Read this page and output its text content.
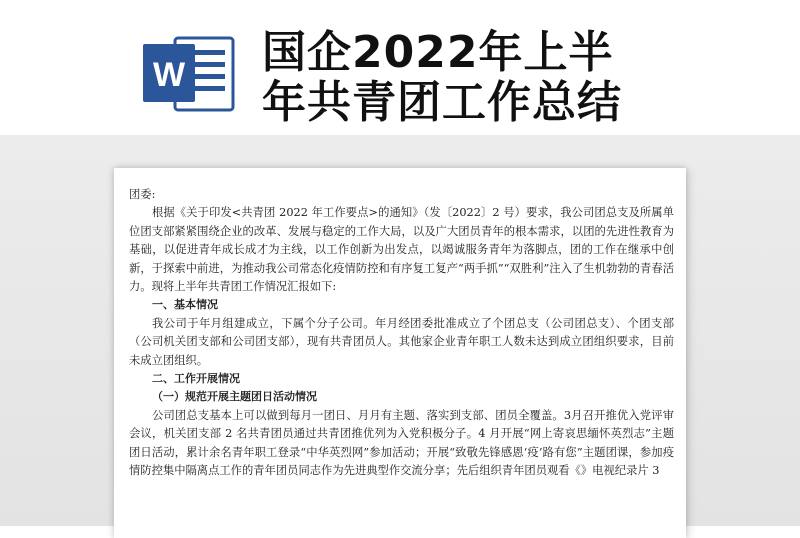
W 国企2022年上半
年共青团工作总结

团委:

根据《关于印发<共青团 2022 年工作要点>的通知》（发〔2022〕2 号）要求，我公司团总支及所属单位团支部紧紧围绕企业的改革、发展与稳定的工作大局，以及广大团员青年的根本需求，以团的先进性教育为基础，以促进青年成长成才为主线，以工作创新为出发点，以竭诚服务青年为落脚点，团的工作在继承中创新，于探索中前进，为推动我公司常态化疫情防控和有序复工复产“两手抓”“双胜利”注入了生机勃勃的青春活力。现将上半年共青团工作情况汇报如下:

一、基本情况

我公司于年月组建成立，下属个分子公司。年月经团委批准成立了个团总支（公司团总支）、个团支部（公司机关团支部和公司团支部），现有共青团员人。其他家企业青年职工人数未达到成立团组织要求，目前未成立团组织。

二、工作开展情况

（一）规范开展主题团日活动情况

公司团总支基本上可以做到每月一团日、月月有主题、落实到支部、团员全覆盖。3月召开推优入党评审会议，机关团支部 2 名共青团员通过共青团推优列为入党积极分子。4 月开展“网上寄哀思缅怀英烈志”主题团日活动，累计余名青年职工登录“中华英烈网”参加活动；开展“致敬先锋感恩‘疫’路有您”主题团课，参加疫情防控集中隔离点工作的青年团员同志作为先进典型作交流分享；先后组织青年团员观看《》电视纪录片 3
